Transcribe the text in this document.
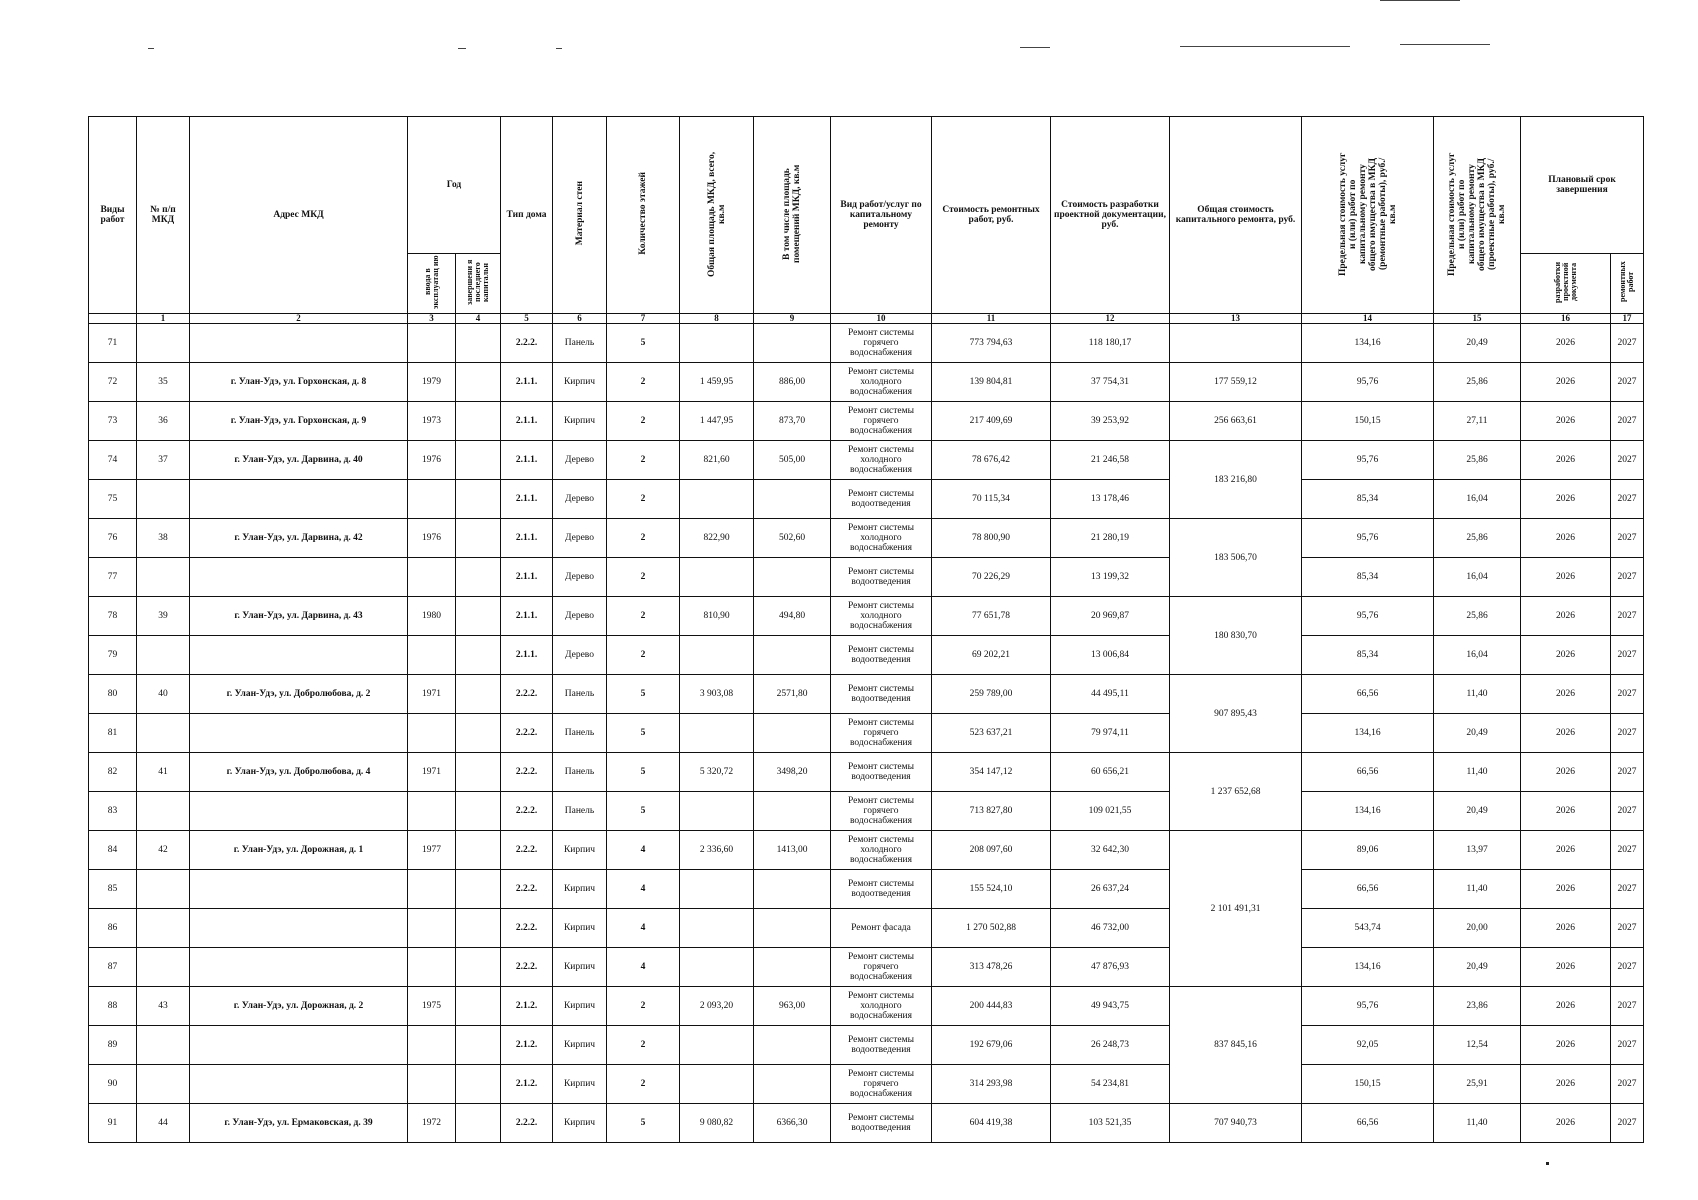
Виды работ	№ п/п МКД	Адрес МКД	Год		Тип дома	Материал стен	Количество этажей	Общая площадь МКД, всего, кв.м	В том числе площадь помещений МКД, кв.м	Вид работ/услуг по капитальному ремонту	Стоимость ремонтных работ, руб.	Стоимость разработки проектной документации, руб.	Общая стоимость капитального ремонта, руб.	Предельная стоимость услуг и (или) работ по капитальному ремонту общего имущества в МКД (ремонтные работы), руб./кв.м	Предельная стоимость услуг и (или) работ по капитальному ремонту общего имущества в МКД (проектные работы), руб./кв.м	Плановый срок завершения	
			ввода в эксплуатац ию	завершени я последнего капитальн												разработки проектной документа	ремонтных работ
	1	2	3	4	5	6	7	8	9	10	11	12	13	14	15	16	17
71					2.2.2.	Панель	5			Ремонт системы горячего водоснабжения	773 794,63	118 180,17		134,16	20,49	2026	2027
72	35	г. Улан-Удэ, ул. Горхонская, д. 8	1979		2.1.1.	Кирпич	2	1 459,95	886,00	Ремонт системы холодного водоснабжения	139 804,81	37 754,31	177 559,12	95,76	25,86	2026	2027
73	36	г. Улан-Удэ, ул. Горхонская, д. 9	1973		2.1.1.	Кирпич	2	1 447,95	873,70	Ремонт системы горячего водоснабжения	217 409,69	39 253,92	256 663,61	150,15	27,11	2026	2027
74	37	г. Улан-Удэ, ул. Дарвина, д. 40	1976		2.1.1.	Дерево	2	821,60	505,00	Ремонт системы холодного водоснабжения	78 676,42	21 246,58	183 216,80	95,76	25,86	2026	2027
75					2.1.1.	Дерево	2			Ремонт системы водоотведения	70 115,34	13 178,46		85,34	16,04	2026	2027
76	38	г. Улан-Удэ, ул. Дарвина, д. 42	1976		2.1.1.	Дерево	2	822,90	502,60	Ремонт системы холодного водоснабжения	78 800,90	21 280,19	183 506,70	95,76	25,86	2026	2027
77					2.1.1.	Дерево	2			Ремонт системы водоотведения	70 226,29	13 199,32		85,34	16,04	2026	2027
78	39	г. Улан-Удэ, ул. Дарвина, д. 43	1980		2.1.1.	Дерево	2	810,90	494,80	Ремонт системы холодного водоснабжения	77 651,78	20 969,87	180 830,70	95,76	25,86	2026	2027
79					2.1.1.	Дерево	2			Ремонт системы водоотведения	69 202,21	13 006,84		85,34	16,04	2026	2027
80	40	г. Улан-Удэ, ул. Добролюбова, д. 2	1971		2.2.2.	Панель	5	3 903,08	2571,80	Ремонт системы водоотведения	259 789,00	44 495,11	907 895,43	66,56	11,40	2026	2027
81					2.2.2.	Панель	5			Ремонт системы горячего водоснабжения	523 637,21	79 974,11		134,16	20,49	2026	2027
82	41	г. Улан-Удэ, ул. Добролюбова, д. 4	1971		2.2.2.	Панель	5	5 320,72	3498,20	Ремонт системы водоотведения	354 147,12	60 656,21	1 237 652,68	66,56	11,40	2026	2027
83					2.2.2.	Панель	5			Ремонт системы горячего водоснабжения	713 827,80	109 021,55		134,16	20,49	2026	2027
84	42	г. Улан-Удэ, ул. Дорожная, д. 1	1977		2.2.2.	Кирпич	4	2 336,60	1413,00	Ремонт системы холодного водоснабжения	208 097,60	32 642,30	2 101 491,31	89,06	13,97	2026	2027
85					2.2.2.	Кирпич	4			Ремонт системы водоотведения	155 524,10	26 637,24		66,56	11,40	2026	2027
86					2.2.2.	Кирпич	4			Ремонт фасада	1 270 502,88	46 732,00		543,74	20,00	2026	2027
87					2.2.2.	Кирпич	4			Ремонт системы горячего водоснабжения	313 478,26	47 876,93		134,16	20,49	2026	2027
88	43	г. Улан-Удэ, ул. Дорожная, д. 2	1975		2.1.2.	Кирпич	2	2 093,20	963,00	Ремонт системы холодного водоснабжения	200 444,83	49 943,75	837 845,16	95,76	23,86	2026	2027
89					2.1.2.	Кирпич	2			Ремонт системы водоотведения	192 679,06	26 248,73		92,05	12,54	2026	2027
90					2.1.2.	Кирпич	2			Ремонт системы горячего водоснабжения	314 293,98	54 234,81		150,15	25,91	2026	2027
91	44	г. Улан-Удэ, ул. Ермаковская, д. 39	1972		2.2.2.	Кирпич	5	9 080,82	6366,30	Ремонт системы водоотведения	604 419,38	103 521,35	707 940,73	66,56	11,40	2026	2027
